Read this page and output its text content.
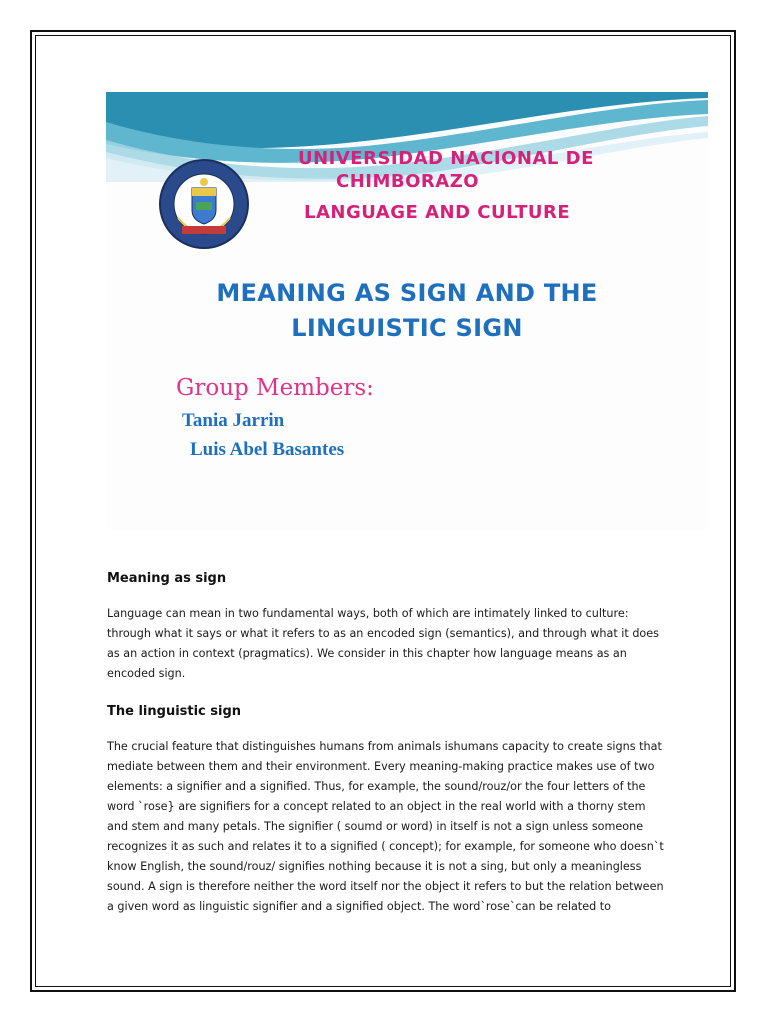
UNIVERSIDAD NACIONAL DE
CHIMBORAZO
LANGUAGE AND CULTURE
MEANING AS SIGN AND THE
LINGUISTIC SIGN
Group Members:
Tania Jarrin
Luis Abel Basantes
Meaning as sign
Language can mean in two fundamental ways, both of which are intimately linked to culture: through what it says or what it refers to as an encoded sign (semantics), and through what it does as an action in context (pragmatics). We consider in this chapter how language means as an encoded sign.
The linguistic sign
The crucial feature that distinguishes humans from animals ishumans capacity to create signs that mediate between them and their environment. Every meaning-making practice makes use of two elements: a signifier and a signified. Thus, for example, the sound/rouz/or the four letters of the word `rose} are signifiers for a concept related to an object in the real world with a thorny stem and stem and many petals. The signifier ( soumd or word) in itself is not a sign unless someone recognizes it as such and relates it to a signified ( concept); for example, for someone who doesn`t know English, the sound/rouz/ signifies nothing because it is not a sing, but only a meaningless sound. A sign is therefore neither the word itself nor the object it refers to but the relation between a given word as linguistic signifier and a signified object. The word`rose`can be related to
